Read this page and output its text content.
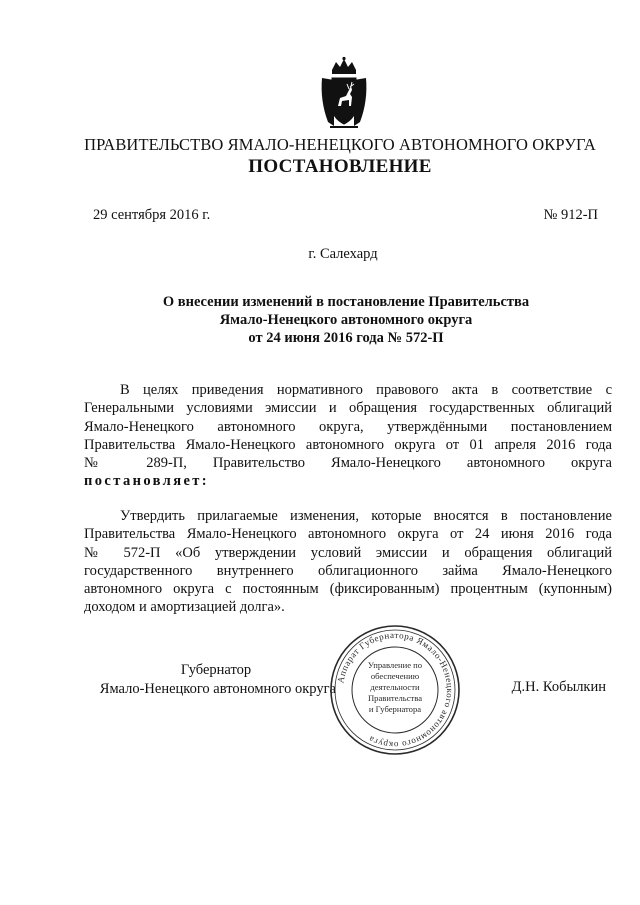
ПРАВИТЕЛЬСТВО ЯМАЛО-НЕНЕЦКОГО АВТОНОМНОГО ОКРУГА
ПОСТАНОВЛЕНИЕ
29 сентября 2016 г.	№ 912-П
г. Салехард
О внесении изменений в постановление Правительства
Ямало-Ненецкого автономного округа
от 24 июня 2016 года № 572-П
В целях приведения нормативного правового акта в соответствие с
Генеральными условиями эмиссии и обращения государственных облигаций
Ямало-Ненецкого автономного округа, утверждёнными постановлением
Правительства Ямало-Ненецкого автономного округа от 01 апреля 2016 года
№ 289-П, Правительство Ямало-Ненецкого автономного округа
постановляет:
Утвердить прилагаемые изменения, которые вносятся в постановление
Правительства Ямало-Ненецкого автономного округа от 24 июня 2016 года
№ 572-П «Об утверждении условий эмиссии и обращения облигаций
государственного внутреннего облигационного займа Ямало-Ненецкого
автономного округа с постоянным (фиксированным) процентным (купонным)
доходом и амортизацией долга».
Губернатор
Ямало-Ненецкого автономного округа	Д.Н. Кобылкин
Аппарат Губернатора Ямало-Ненецкого автономного округа
Управление по
обеспечению
деятельности
Правительства
и Губернатора
